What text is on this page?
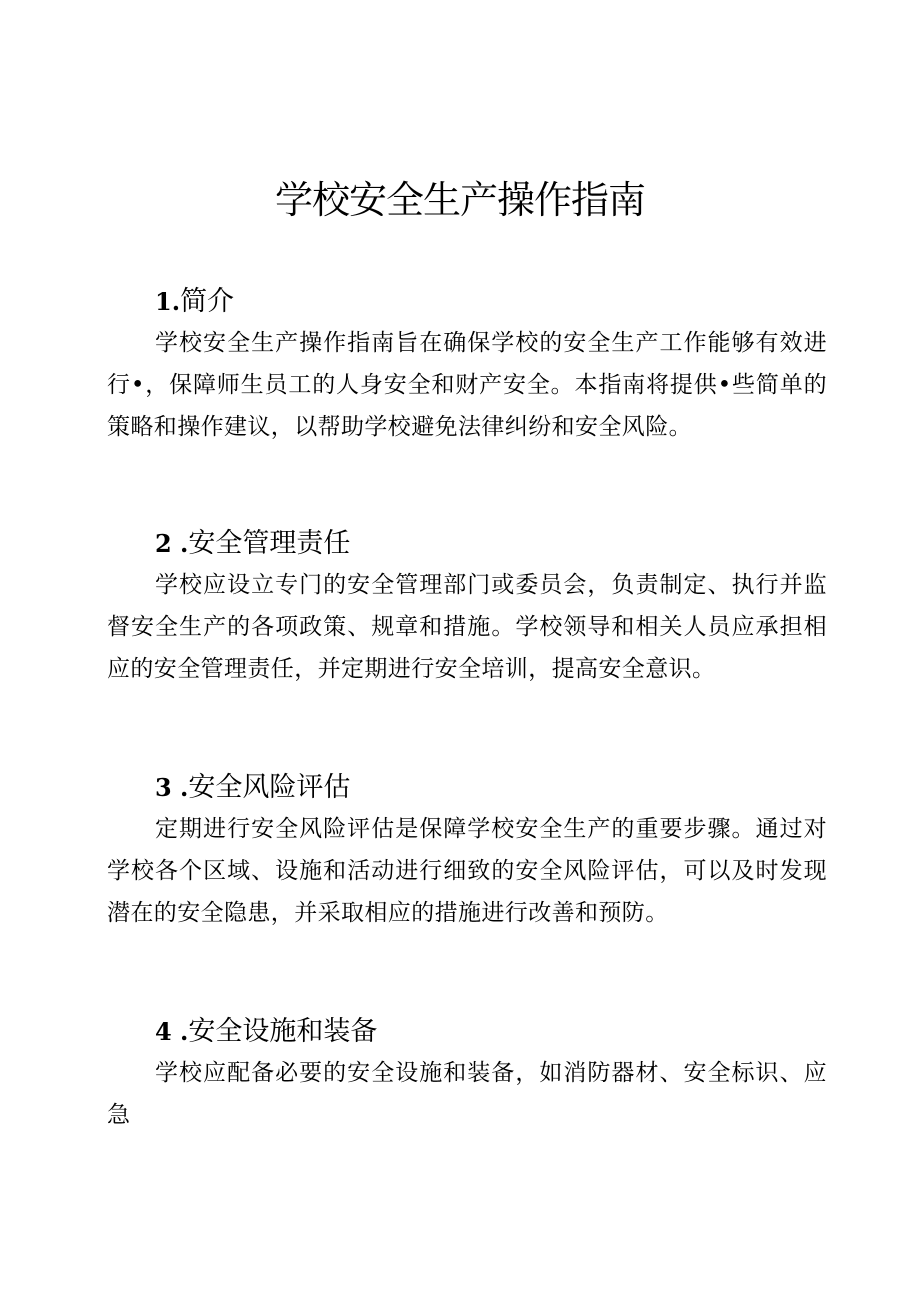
学校安全生产操作指南
1.简介

学校安全生产操作指南旨在确保学校的安全生产工作能够有效进行•，保障师生员工的人身安全和财产安全。本指南将提供•些简单的策略和操作建议，以帮助学校避免法律纠纷和安全风险。

2 .安全管理责任

学校应设立专门的安全管理部门或委员会，负责制定、执行并监督安全生产的各项政策、规章和措施。学校领导和相关人员应承担相应的安全管理责任，并定期进行安全培训，提高安全意识。

3 .安全风险评估

定期进行安全风险评估是保障学校安全生产的重要步骤。通过对学校各个区域、设施和活动进行细致的安全风险评估，可以及时发现潜在的安全隐患，并采取相应的措施进行改善和预防。

4 .安全设施和装备

学校应配备必要的安全设施和装备，如消防器材、安全标识、应急
